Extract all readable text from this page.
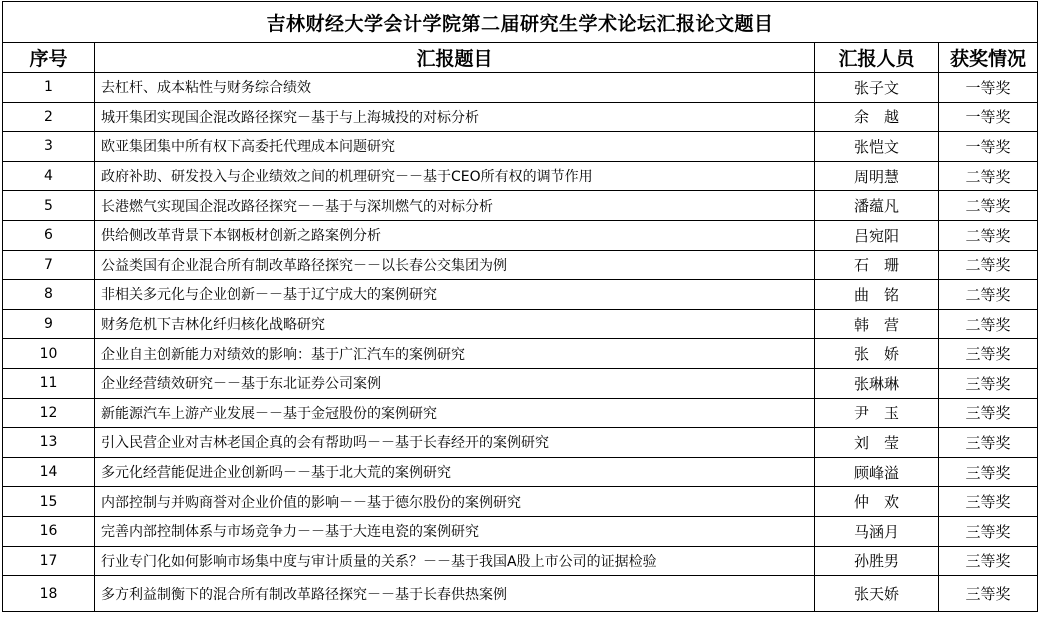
吉林财经大学会计学院第二届研究生学术论坛汇报论文题目			
序号	汇报题目	汇报人员	获奖情况
1	去杠杆、成本粘性与财务综合绩效	张子文	一等奖
2	城开集团实现国企混改路径探究－基于与上海城投的对标分析	余　越	一等奖
3	欧亚集团集中所有权下高委托代理成本问题研究	张恺文	一等奖
4	政府补助、研发投入与企业绩效之间的机理研究－－基于CEO所有权的调节作用	周明慧	二等奖
5	长港燃气实现国企混改路径探究－－基于与深圳燃气的对标分析	潘蕴凡	二等奖
6	供给侧改革背景下本钢板材创新之路案例分析	吕宛阳	二等奖
7	公益类国有企业混合所有制改革路径探究－－以长春公交集团为例	石　珊	二等奖
8	非相关多元化与企业创新－－基于辽宁成大的案例研究	曲　铭	二等奖
9	财务危机下吉林化纤归核化战略研究	韩　营	二等奖
10	企业自主创新能力对绩效的影响：基于广汇汽车的案例研究	张　娇	三等奖
11	企业经营绩效研究－－基于东北证券公司案例	张琳琳	三等奖
12	新能源汽车上游产业发展－－基于金冠股份的案例研究	尹　玉	三等奖
13	引入民营企业对吉林老国企真的会有帮助吗－－基于长春经开的案例研究	刘　莹	三等奖
14	多元化经营能促进企业创新吗－－基于北大荒的案例研究	顾峰溢	三等奖
15	内部控制与并购商誉对企业价值的影响－－基于德尔股份的案例研究	仲　欢	三等奖
16	完善内部控制体系与市场竞争力－－基于大连电瓷的案例研究	马涵月	三等奖
17	行业专门化如何影响市场集中度与审计质量的关系？－－基于我国A股上市公司的证据检验	孙胜男	三等奖
18	多方利益制衡下的混合所有制改革路径探究－－基于长春供热案例	张天娇	三等奖
